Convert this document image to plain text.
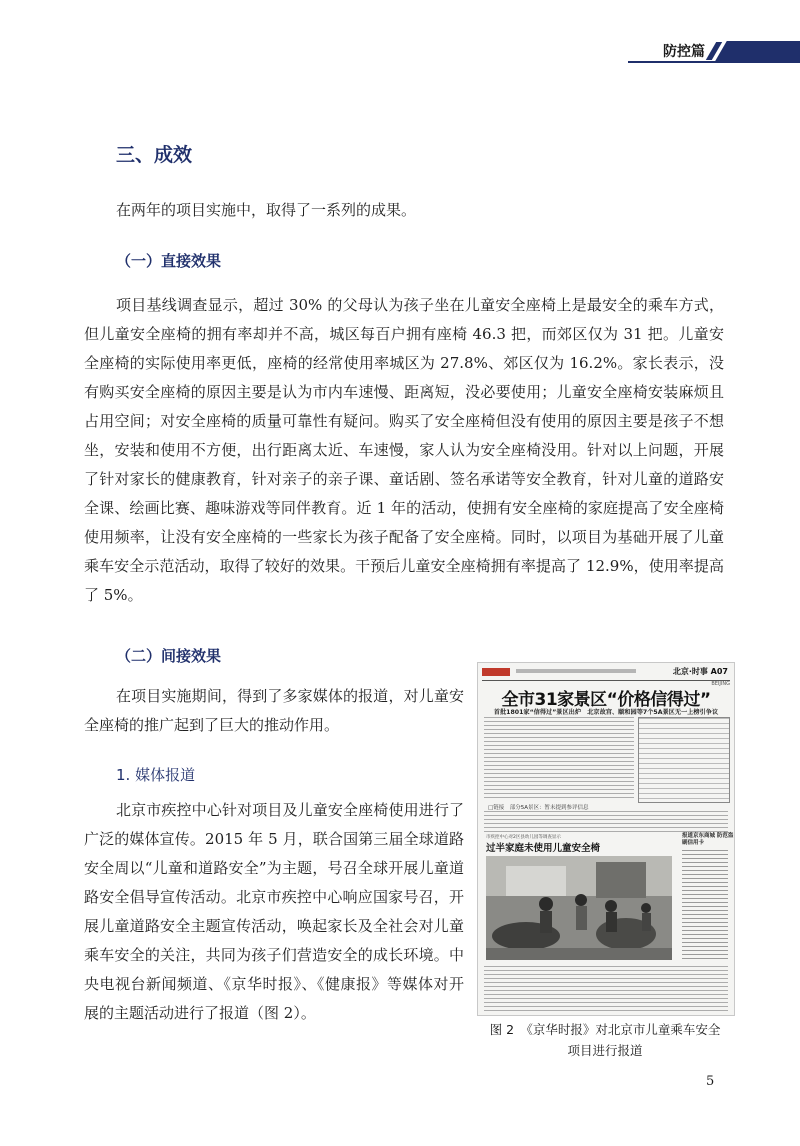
防控篇
三、成效

在两年的项目实施中，取得了一系列的成果。

（一）直接效果

项目基线调查显示，超过 30% 的父母认为孩子坐在儿童安全座椅上是最安全的乘车方式，但儿童安全座椅的拥有率却并不高，城区每百户拥有座椅 46.3 把，而郊区仅为 31 把。儿童安全座椅的实际使用率更低，座椅的经常使用率城区为 27.8%、郊区仅为 16.2%。家长表示，没有购买安全座椅的原因主要是认为市内车速慢、距离短，没必要使用；儿童安全座椅安装麻烦且占用空间；对安全座椅的质量可靠性有疑问。购买了安全座椅但没有使用的原因主要是孩子不想坐，安装和使用不方便，出行距离太近、车速慢，家人认为安全座椅没用。针对以上问题，开展了针对家长的健康教育，针对亲子的亲子课、童话剧、签名承诺等安全教育，针对儿童的道路安全课、绘画比赛、趣味游戏等同伴教育。近 1 年的活动，使拥有安全座椅的家庭提高了安全座椅使用频率，让没有安全座椅的一些家长为孩子配备了安全座椅。同时，以项目为基础开展了儿童乘车安全示范活动，取得了较好的效果。干预后儿童安全座椅拥有率提高了 12.9%，使用率提高了 5%。

（二）间接效果

在项目实施期间，得到了多家媒体的报道，对儿童安全座椅的推广起到了巨大的推动作用。

1. 媒体报道

北京市疾控中心针对项目及儿童安全座椅使用进行了广泛的媒体宣传。2015 年 5 月，联合国第三届全球道路安全周以“儿童和道路安全”为主题，号召全球开展儿童道路安全倡导宣传活动。北京市疾控中心响应国家号召，开展儿童道路安全主题宣传活动，唤起家长及全社会对儿童乘车安全的关注，共同为孩子们营造安全的成长环境。中央电视台新闻频道、《京华时报》、《健康报》等媒体对开展的主题活动进行了报道（图 2）。

北京·时事 A07
BEIJING
全市31家景区“价格信得过”
首批1801家“信得过”景区出炉　北京故宫、颐和园等7个5A景区无一上榜引争议
□链接　部分5A景区：暂未提到参评信息
市疾控中心对2区县幼儿园等调查显示
过半家庭未使用儿童安全椅
报道京东商城 防范盗刷信用卡
图 2　《京华时报》对北京市儿童乘车安全
项目进行报道
5
